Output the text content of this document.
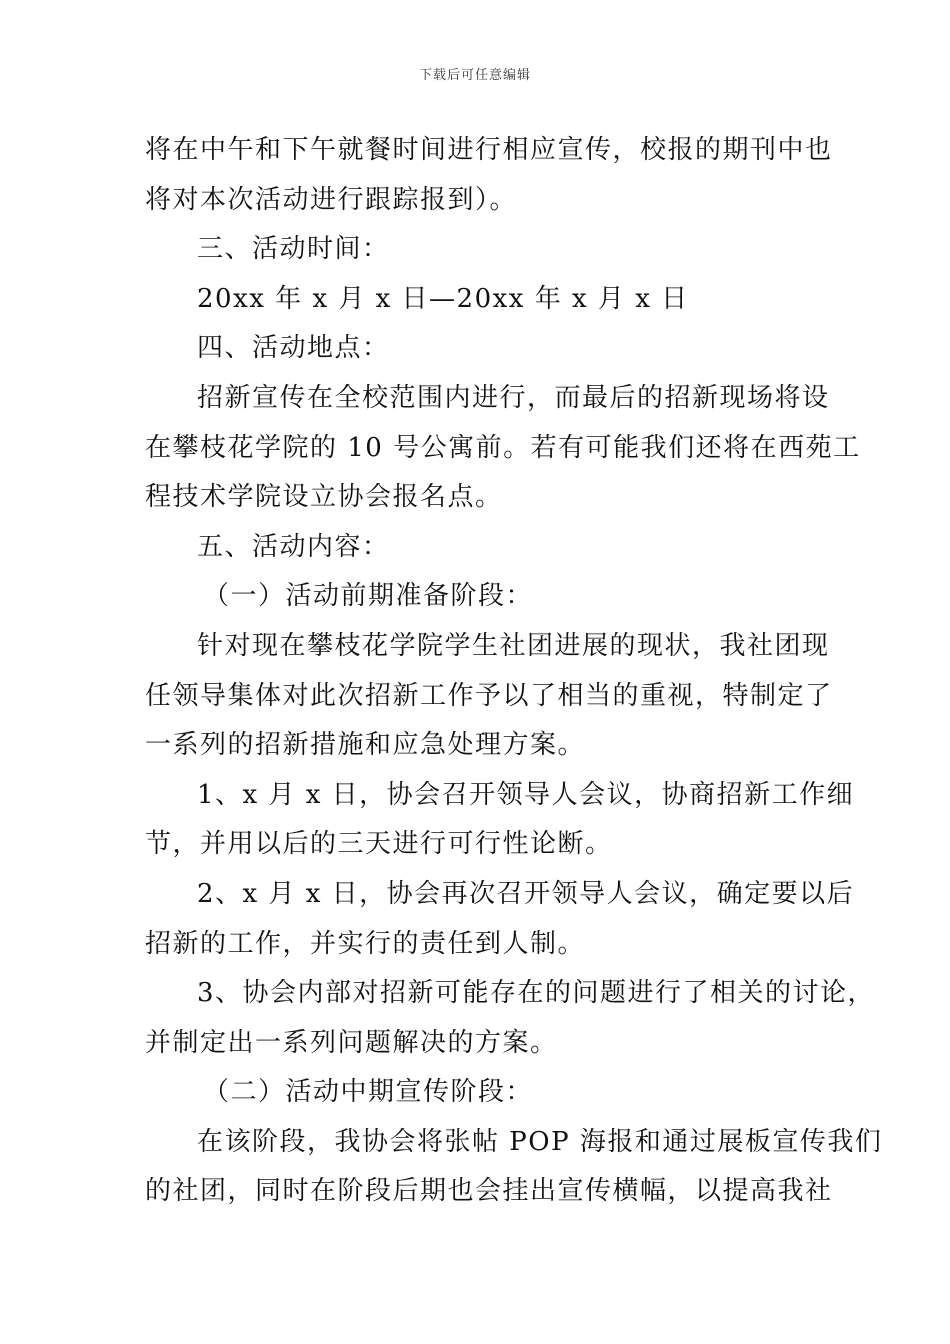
下载后可任意编辑
将在中午和下午就餐时间进行相应宣传，校报的期刊中也
将对本次活动进行跟踪报到）。
三、活动时间：
20xx 年 x 月 x 日—20xx 年 x 月 x 日
四、活动地点：
招新宣传在全校范围内进行，而最后的招新现场将设
在攀枝花学院的 10 号公寓前。若有可能我们还将在西苑工
程技术学院设立协会报名点。
五、活动内容：
（一）活动前期准备阶段：
针对现在攀枝花学院学生社团进展的现状，我社团现
任领导集体对此次招新工作予以了相当的重视，特制定了
一系列的招新措施和应急处理方案。
1、x 月 x 日，协会召开领导人会议，协商招新工作细
节，并用以后的三天进行可行性论断。
2、x 月 x 日，协会再次召开领导人会议，确定要以后
招新的工作，并实行的责任到人制。
3、协会内部对招新可能存在的问题进行了相关的讨论，
并制定出一系列问题解决的方案。
（二）活动中期宣传阶段：
在该阶段，我协会将张帖 POP 海报和通过展板宣传我们
的社团，同时在阶段后期也会挂出宣传横幅，以提高我社
